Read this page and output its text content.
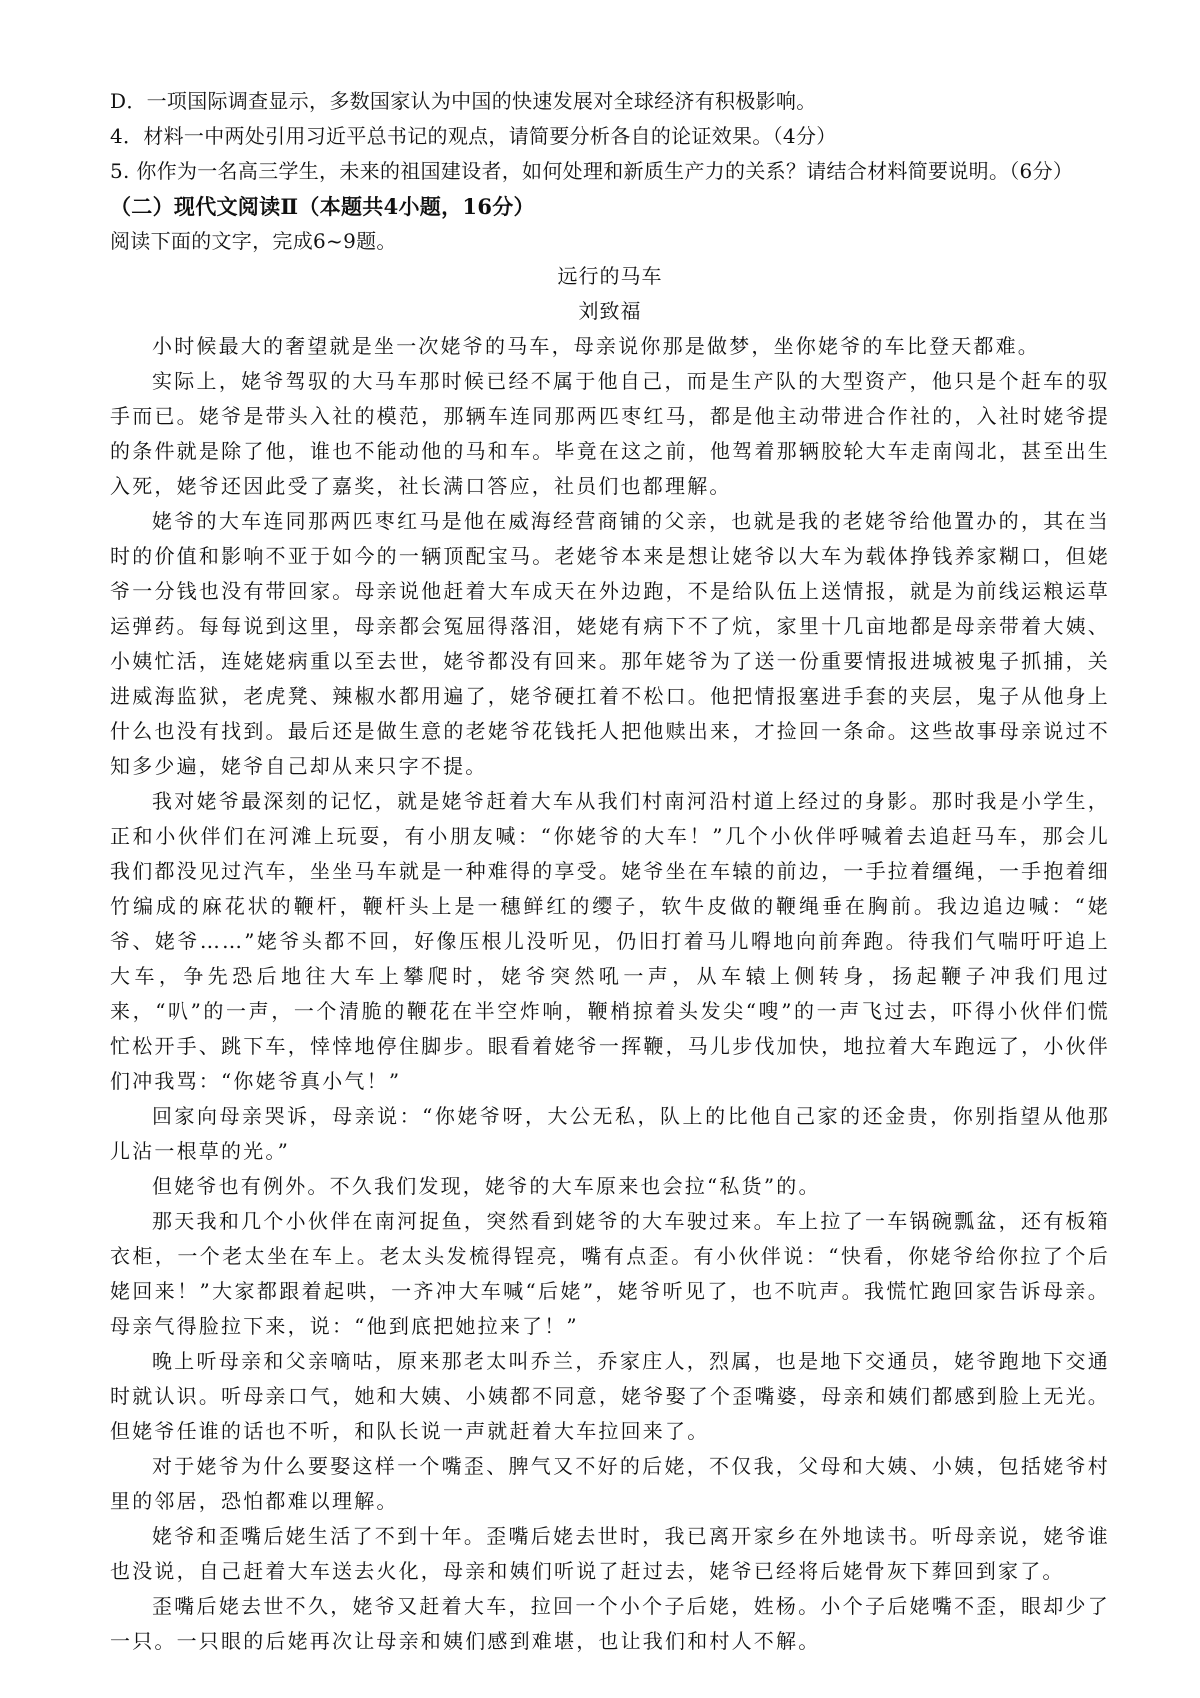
D．一项国际调查显示，多数国家认为中国的快速发展对全球经济有积极影响。
4．材料一中两处引用习近平总书记的观点，请简要分析各自的论证效果。（4分）
5. 你作为一名高三学生，未来的祖国建设者，如何处理和新质生产力的关系？请结合材料简要说明。（6分）
（二）现代文阅读Ⅱ（本题共4小题，16分）
阅读下面的文字，完成6~9题。
远行的马车
刘致福

小时候最大的奢望就是坐一次姥爷的马车，母亲说你那是做梦，坐你姥爷的车比登天都难。

实际上，姥爷驾驭的大马车那时候已经不属于他自己，而是生产队的大型资产，他只是个赶车的驭手而已。姥爷是带头入社的模范，那辆车连同那两匹枣红马，都是他主动带进合作社的，入社时姥爷提的条件就是除了他，谁也不能动他的马和车。毕竟在这之前，他驾着那辆胶轮大车走南闯北，甚至出生入死，姥爷还因此受了嘉奖，社长满口答应，社员们也都理解。

姥爷的大车连同那两匹枣红马是他在威海经营商铺的父亲，也就是我的老姥爷给他置办的，其在当时的价值和影响不亚于如今的一辆顶配宝马。老姥爷本来是想让姥爷以大车为载体挣钱养家糊口，但姥爷一分钱也没有带回家。母亲说他赶着大车成天在外边跑，不是给队伍上送情报，就是为前线运粮运草运弹药。每每说到这里，母亲都会冤屈得落泪，姥姥有病下不了炕，家里十几亩地都是母亲带着大姨、小姨忙活，连姥姥病重以至去世，姥爷都没有回来。那年姥爷为了送一份重要情报进城被鬼子抓捕，关进威海监狱，老虎凳、辣椒水都用遍了，姥爷硬扛着不松口。他把情报塞进手套的夹层，鬼子从他身上什么也没有找到。最后还是做生意的老姥爷花钱托人把他赎出来，才捡回一条命。这些故事母亲说过不知多少遍，姥爷自己却从来只字不提。

我对姥爷最深刻的记忆，就是姥爷赶着大车从我们村南河沿村道上经过的身影。那时我是小学生，正和小伙伴们在河滩上玩耍，有小朋友喊：“你姥爷的大车！”几个小伙伴呼喊着去追赶马车，那会儿我们都没见过汽车，坐坐马车就是一种难得的享受。姥爷坐在车辕的前边，一手拉着缰绳，一手抱着细竹编成的麻花状的鞭杆，鞭杆头上是一穗鲜红的缨子，软牛皮做的鞭绳垂在胸前。我边追边喊：“姥爷、姥爷……”姥爷头都不回，好像压根儿没听见，仍旧打着马儿嘚地向前奔跑。待我们气喘吁吁追上大车，争先恐后地往大车上攀爬时，姥爷突然吼一声，从车辕上侧转身，扬起鞭子冲我们甩过来，“叭”的一声，一个清脆的鞭花在半空炸响，鞭梢掠着头发尖“嗖”的一声飞过去，吓得小伙伴们慌忙松开手、跳下车，悻悻地停住脚步。眼看着姥爷一挥鞭，马儿步伐加快，地拉着大车跑远了，小伙伴们冲我骂：“你姥爷真小气！”

回家向母亲哭诉，母亲说：“你姥爷呀，大公无私，队上的比他自己家的还金贵，你别指望从他那儿沾一根草的光。”

但姥爷也有例外。不久我们发现，姥爷的大车原来也会拉“私货”的。

那天我和几个小伙伴在南河捉鱼，突然看到姥爷的大车驶过来。车上拉了一车锅碗瓢盆，还有板箱衣柜，一个老太坐在车上。老太头发梳得锃亮，嘴有点歪。有小伙伴说：“快看，你姥爷给你拉了个后姥回来！”大家都跟着起哄，一齐冲大车喊“后姥”，姥爷听见了，也不吭声。我慌忙跑回家告诉母亲。母亲气得脸拉下来，说：“他到底把她拉来了！”

晚上听母亲和父亲嘀咕，原来那老太叫乔兰，乔家庄人，烈属，也是地下交通员，姥爷跑地下交通时就认识。听母亲口气，她和大姨、小姨都不同意，姥爷娶了个歪嘴婆，母亲和姨们都感到脸上无光。但姥爷任谁的话也不听，和队长说一声就赶着大车拉回来了。

对于姥爷为什么要娶这样一个嘴歪、脾气又不好的后姥，不仅我，父母和大姨、小姨，包括姥爷村里的邻居，恐怕都难以理解。

姥爷和歪嘴后姥生活了不到十年。歪嘴后姥去世时，我已离开家乡在外地读书。听母亲说，姥爷谁也没说，自己赶着大车送去火化，母亲和姨们听说了赶过去，姥爷已经将后姥骨灰下葬回到家了。

歪嘴后姥去世不久，姥爷又赶着大车，拉回一个小个子后姥，姓杨。小个子后姥嘴不歪，眼却少了一只。一只眼的后姥再次让母亲和姨们感到难堪，也让我们和村人不解。
